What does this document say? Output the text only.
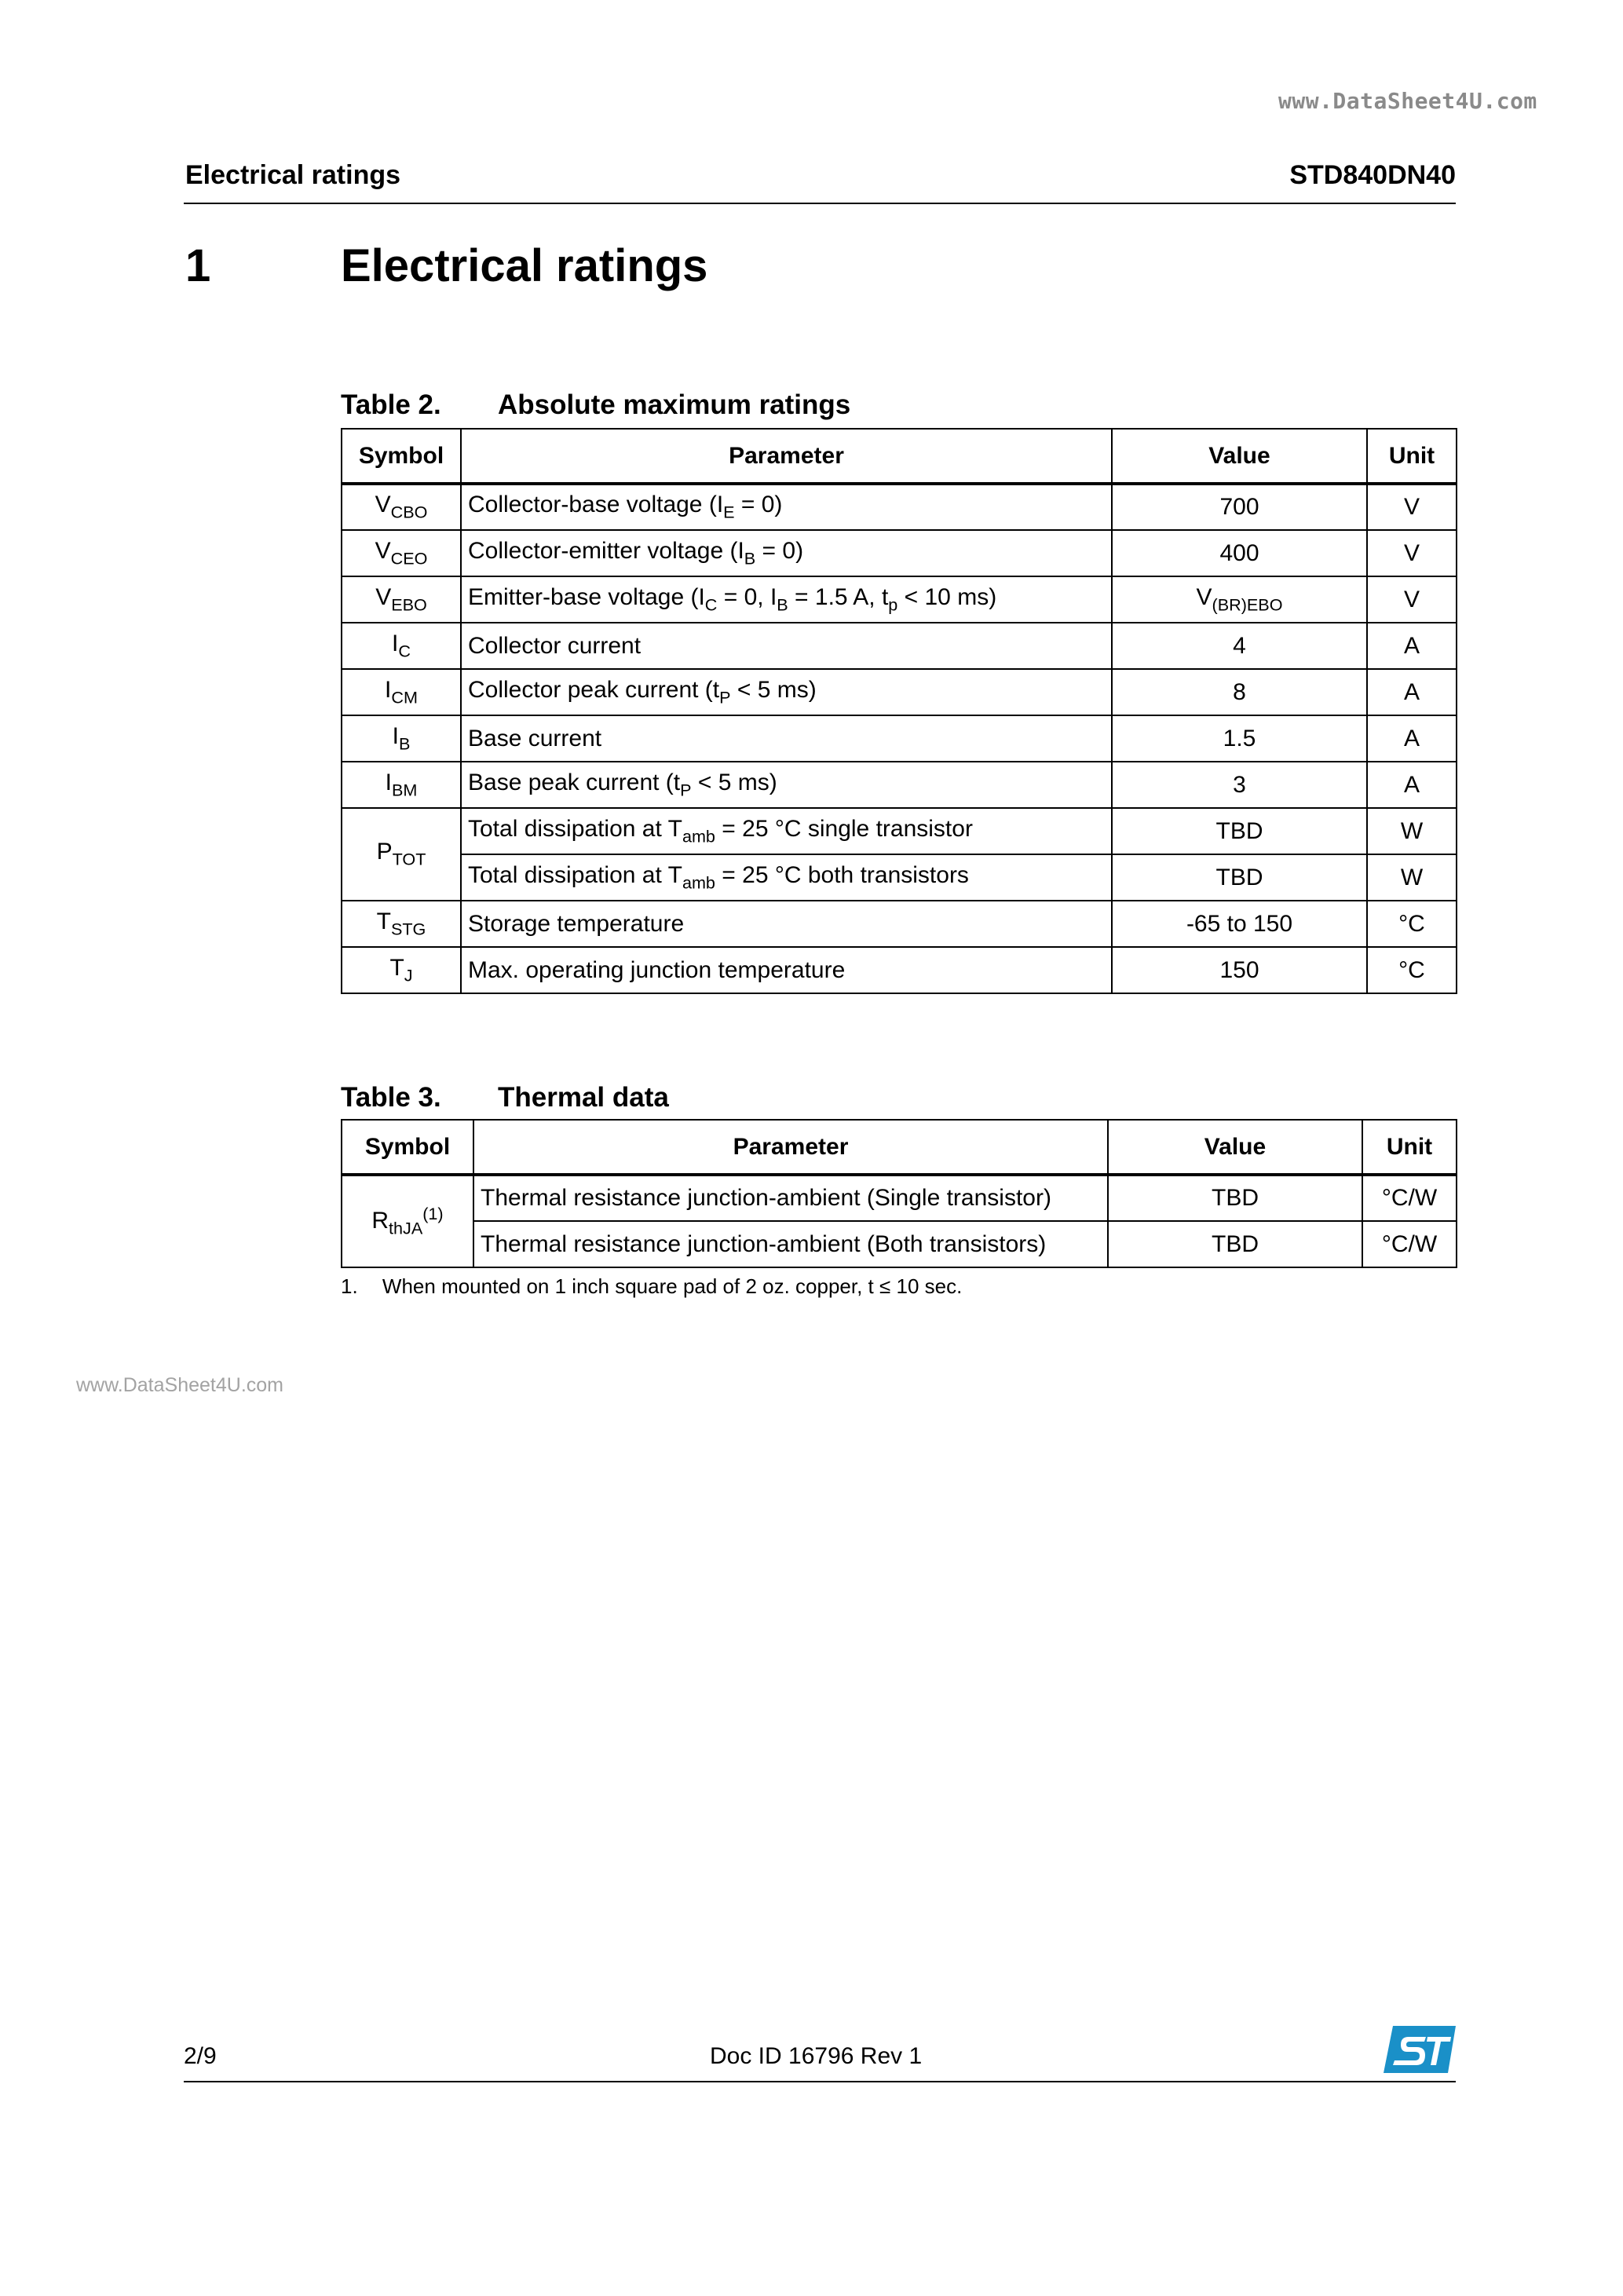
www.DataSheet4U.com
Electrical ratings	STD840DN40
1	Electrical ratings
Table 2. Absolute maximum ratings
Symbol	Parameter	Value	Unit
$V_{CBO}$	Collector-base voltage $(I_E = 0)$	700	V
$V_{CEO}$	Collector-emitter voltage $(I_B = 0)$	400	V
$V_{EBO}$	Emitter-base voltage ($I_C = 0$, $I_B = 1.5$ A, $t_p < 10$ ms)	$V_{(BR)EBO}$	V
$I_C$	Collector current	4	A
$I_{CM}$	Collector peak current ($t_P < 5$ ms)	8	A
$I_B$	Base current	1.5	A
$I_{BM}$	Base peak current ($t_P < 5$ ms)	3	A
$P_{TOT}$	Total dissipation at $T_{amb} = 25$ °C single transistor	TBD	W
	Total dissipation at $T_{amb} = 25$ °C both transistors	TBD	W
$T_{STG}$	Storage temperature	-65 to 150	°C
$T_J$	Max. operating junction temperature	150	°C
Table 3. Thermal data
Symbol	Parameter	Value	Unit
$R_{thJA}^{(1)}$	Thermal resistance junction-ambient (Single transistor)	TBD	°C/W
	Thermal resistance junction-ambient (Both transistors)	TBD	°C/W
1. When mounted on 1 inch square pad of 2 oz. copper, t ≤ 10 sec.
www.DataSheet4U.com
2/9	Doc ID 16796 Rev 1
